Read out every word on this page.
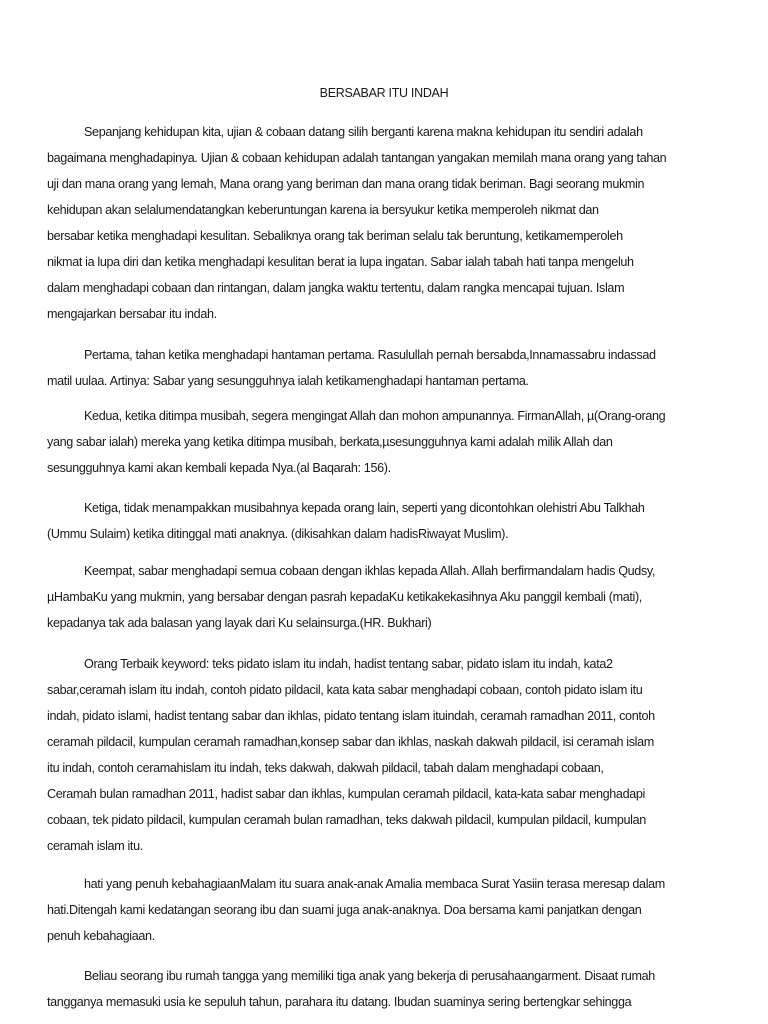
BERSABAR ITU INDAH
Sepanjang kehidupan kita, ujian & cobaan datang silih berganti karena makna kehidupan itu sendiri adalah
bagaimana menghadapinya. Ujian & cobaan kehidupan adalah tantangan yangakan memilah mana orang yang tahan
uji dan mana orang yang lemah, Mana orang yang beriman dan mana orang tidak beriman. Bagi seorang mukmin
kehidupan akan selalumendatangkan keberuntungan karena ia bersyukur ketika memperoleh nikmat dan
bersabar ketika menghadapi kesulitan. Sebaliknya orang tak beriman selalu tak beruntung, ketikamemperoleh
nikmat ia lupa diri dan ketika menghadapi kesulitan berat ia lupa ingatan. Sabar ialah tabah hati tanpa mengeluh
dalam menghadapi cobaan dan rintangan, dalam jangka waktu tertentu, dalam rangka mencapai tujuan. Islam
mengajarkan bersabar itu indah.
Pertama, tahan ketika menghadapi hantaman pertama. Rasulullah pernah bersabda,Innamassabru indassad
matil uulaa. Artinya: Sabar yang sesungguhnya ialah ketikamenghadapi hantaman pertama.
Kedua, ketika ditimpa musibah, segera mengingat Allah dan mohon ampunannya. FirmanAllah, µ(Orang-orang
yang sabar ialah) mereka yang ketika ditimpa musibah, berkata,µsesungguhnya kami adalah milik Allah dan
sesungguhnya kami akan kembali kepada Nya.(al Baqarah: 156).
Ketiga, tidak menampakkan musibahnya kepada orang lain, seperti yang dicontohkan olehistri Abu Talkhah
(Ummu Sulaim) ketika ditinggal mati anaknya. (dikisahkan dalam hadisRiwayat Muslim).
Keempat, sabar menghadapi semua cobaan dengan ikhlas kepada Allah. Allah berfirmandalam hadis Qudsy,
µHambaKu yang mukmin, yang bersabar dengan pasrah kepadaKu ketikakekasihnya Aku panggil kembali (mati),
kepadanya tak ada balasan yang layak dari Ku selainsurga.(HR. Bukhari)
Orang Terbaik keyword: teks pidato islam itu indah, hadist tentang sabar, pidato islam itu indah, kata2
sabar,ceramah islam itu indah, contoh pidato pildacil, kata kata sabar menghadapi cobaan, contoh pidato islam itu
indah, pidato islami, hadist tentang sabar dan ikhlas, pidato tentang islam ituindah, ceramah ramadhan 2011, contoh
ceramah pildacil, kumpulan ceramah ramadhan,konsep sabar dan ikhlas, naskah dakwah pildacil, isi ceramah islam
itu indah, contoh ceramahislam itu indah, teks dakwah, dakwah pildacil, tabah dalam menghadapi cobaan,
Ceramah bulan ramadhan 2011, hadist sabar dan ikhlas, kumpulan ceramah pildacil, kata-kata sabar menghadapi
cobaan, tek pidato pildacil, kumpulan ceramah bulan ramadhan, teks dakwah pildacil, kumpulan pildacil, kumpulan
ceramah islam itu.
hati yang penuh kebahagiaanMalam itu suara anak-anak Amalia membaca Surat Yasiin terasa meresap dalam
hati.Ditengah kami kedatangan seorang ibu dan suami juga anak-anaknya. Doa bersama kami panjatkan dengan
penuh kebahagiaan.
Beliau seorang ibu rumah tangga yang memiliki tiga anak yang bekerja di perusahaangarment. Disaat rumah
tangganya memasuki usia ke sepuluh tahun, parahara itu datang. Ibudan suaminya sering bertengkar sehingga
